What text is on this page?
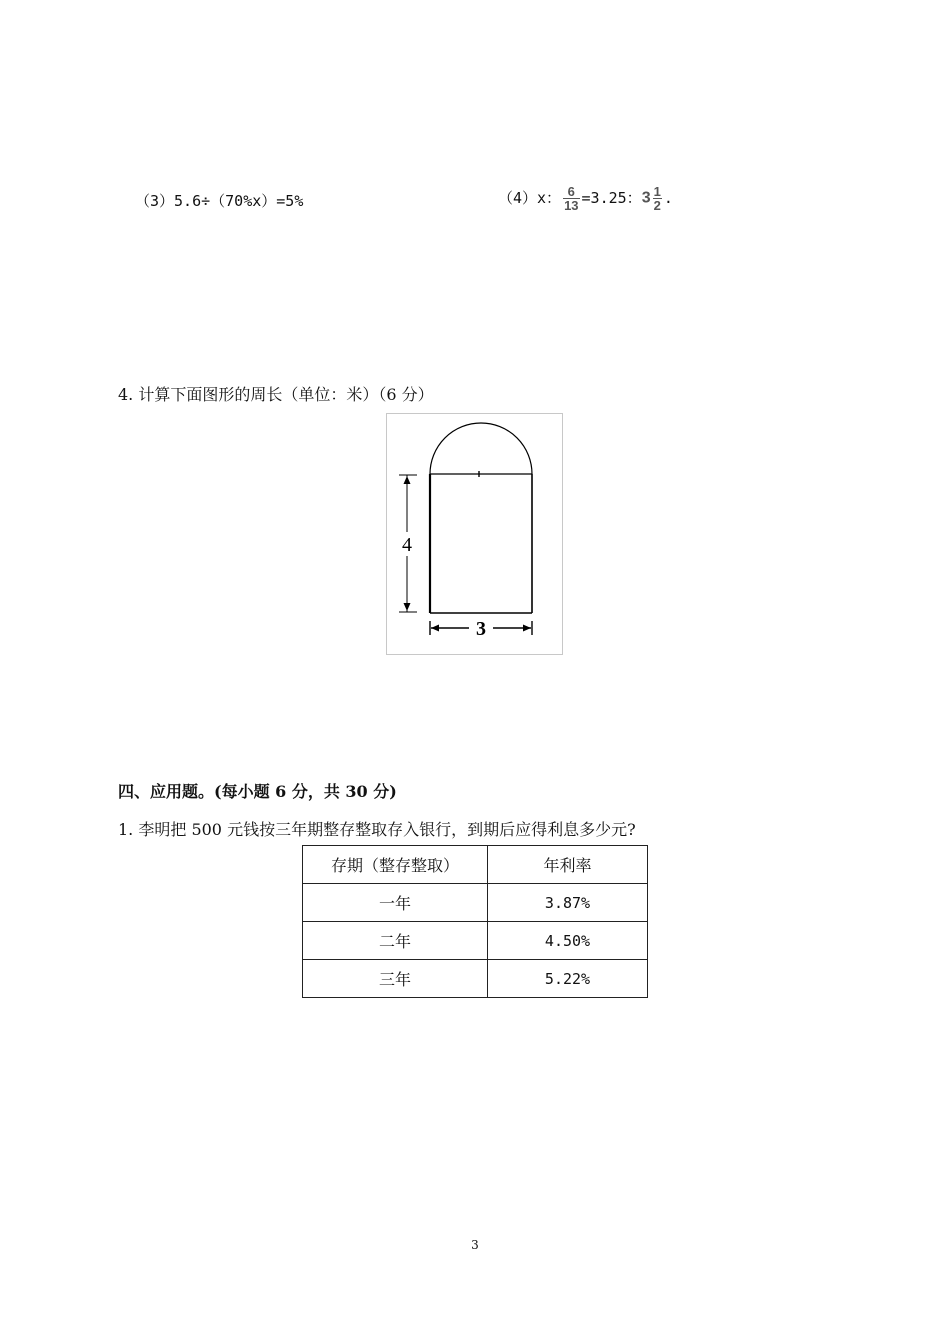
（3）5.6÷（70%x）=5%	（4）x： $\frac{6}{13} =3.25$：$3 \frac{1}{2}$ .
4. 计算下面图形的周长（单位：米）（6 分）
4
3
四、应用题。(每小题 6 分，共 30 分)
1. 李明把 500 元钱按三年期整存整取存入银行，到期后应得利息多少元?
存期（整存整取）	年利率
一年	3.87%
二年	4.50%
三年	5.22%
3
